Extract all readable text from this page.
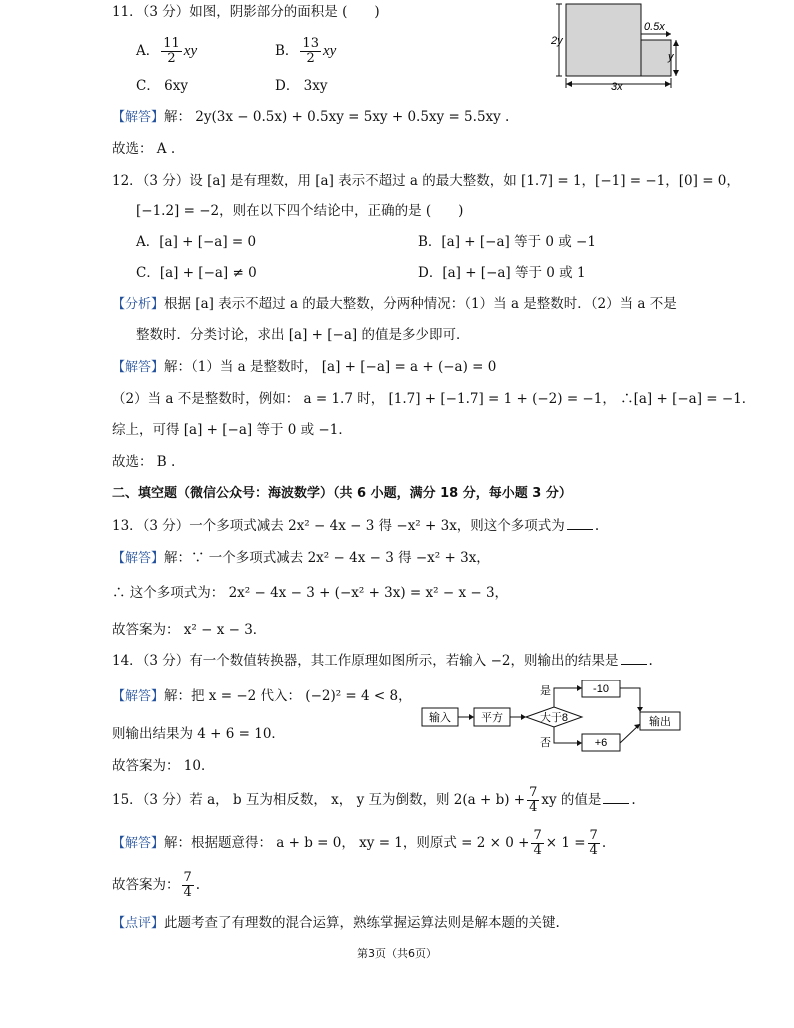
11．（3 分）如图，阴影部分的面积是 (　　)
A． $\frac{11}{2}$ xy	B． $\frac{13}{2}$ xy
C． 6xy	D． 3xy
【解答】解： 2y(3x − 0.5x) + 0.5xy = 5xy + 0.5xy = 5.5xy .
故选： A .
2y
0.5x
y
3x
12．（3 分）设 [a] 是有理数，用 [a] 表示不超过 a 的最大整数，如 [1.7] = 1，[−1] = −1，[0] = 0，
[−1.2] = −2，则在以下四个结论中，正确的是 (　　)
A．[a] + [−a] = 0	B．[a] + [−a] 等于 0 或 −1
C．[a] + [−a] ≠ 0	D．[a] + [−a] 等于 0 或 1
【分析】根据 [a] 表示不超过 a 的最大整数，分两种情况：（1）当 a 是整数时．（2）当 a 不是
整数时．分类讨论，求出 [a] + [−a] 的值是多少即可．
【解答】解：（1）当 a 是整数时， [a] + [−a] = a + (−a) = 0
（2）当 a 不是整数时，例如： a = 1.7 时， [1.7] + [−1.7] = 1 + (−2) = −1， ∴[a] + [−a] = −1．
综上，可得 [a] + [−a] 等于 0 或 −1．
故选： B .
二、填空题（微信公众号：海波数学）（共 6 小题，满分 18 分，每小题 3 分）
13．（3 分）一个多项式减去 2x² − 4x − 3 得 −x² + 3x，则这个多项式为 .
【解答】解：∵ 一个多项式减去 2x² − 4x − 3 得 −x² + 3x，
∴ 这个多项式为： 2x² − 4x − 3 + (−x² + 3x) = x² − x − 3，
故答案为： x² − x − 3．
14．（3 分）有一个数值转换器，其工作原理如图所示，若输入 −2，则输出的结果是 .
【解答】解：把 x = −2 代入： (−2)² = 4 < 8，
则输出结果为 4 + 6 = 10．
故答案为： 10．
输入	平方	大于8
是
否
-10
+6
输出
15．（3 分）若 a， b 互为相反数， x， y 互为倒数，则 $2(a + b) + \frac{7}{4}$ xy 的值是 .
【解答】解：根据题意得： a + b = 0， xy = 1，则原式 = $2 \times 0 + \frac{7}{4} \times 1 = \frac{7}{4}$ .
故答案为： $\frac{7}{4}$ .
【点评】此题考查了有理数的混合运算，熟练掌握运算法则是解本题的关键.
第3页（共6页）
